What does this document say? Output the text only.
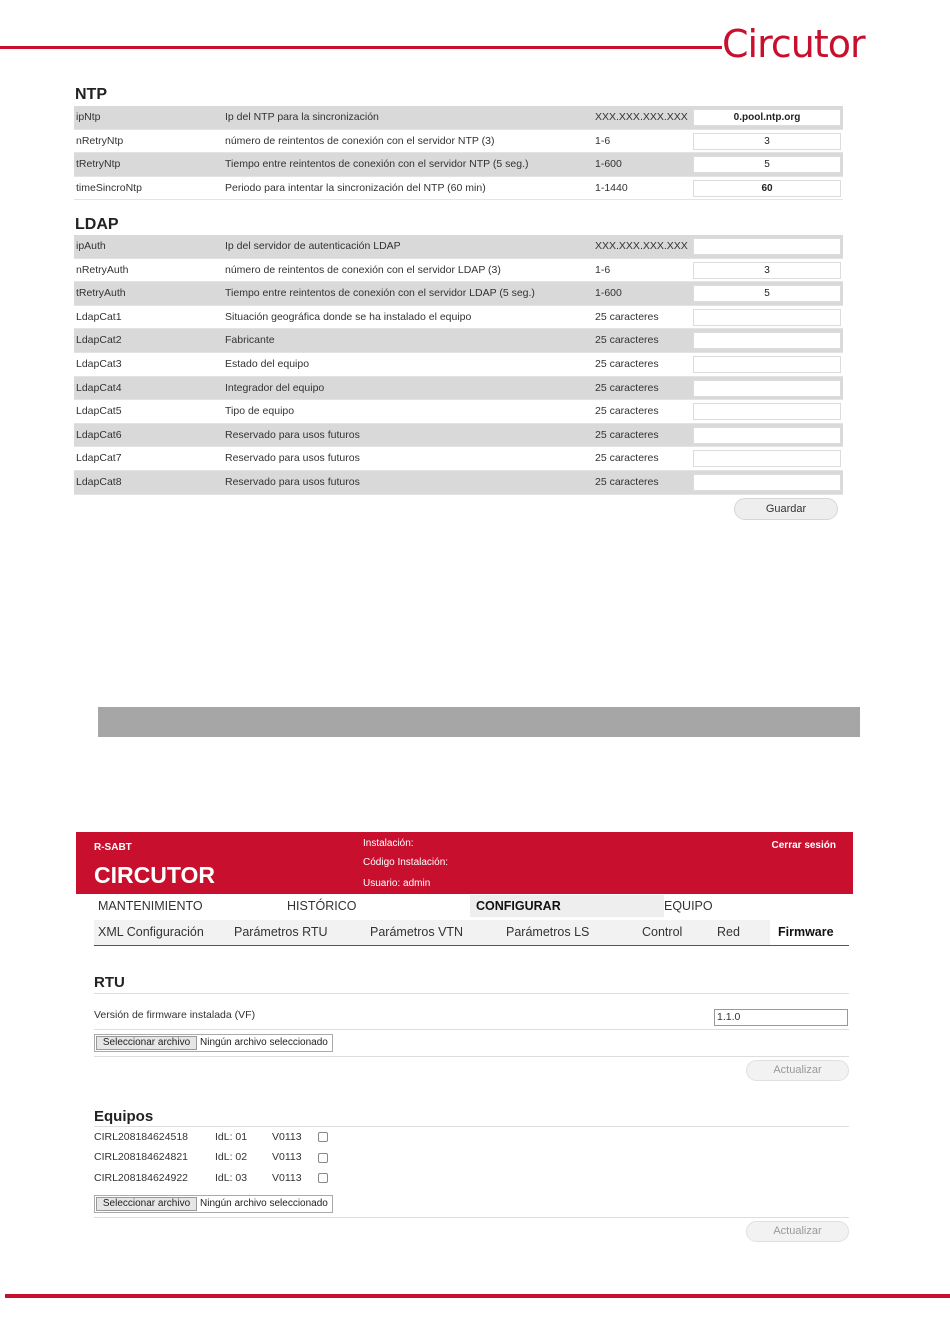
Circutor
NTP
ipNtp	Ip del NTP para la sincronización	XXX.XXX.XXX.XXX	0.pool.ntp.org
nRetryNtp	número de reintentos de conexión con el servidor NTP (3)	1-6	3
tRetryNtp	Tiempo entre reintentos de conexión con el servidor NTP (5 seg.)	1-600	5
timeSincroNtp	Periodo para intentar la sincronización del NTP (60 min)	1-1440	60
LDAP
ipAuth	Ip del servidor de autenticación LDAP	XXX.XXX.XXX.XXX
nRetryAuth	número de reintentos de conexión con el servidor LDAP (3)	1-6	3
tRetryAuth	Tiempo entre reintentos de conexión con el servidor LDAP (5 seg.)	1-600	5
LdapCat1	Situación geográfica donde se ha instalado el equipo	25 caracteres
LdapCat2	Fabricante	25 caracteres
LdapCat3	Estado del equipo	25 caracteres
LdapCat4	Integrador del equipo	25 caracteres
LdapCat5	Tipo de equipo	25 caracteres
LdapCat6	Reservado para usos futuros	25 caracteres
LdapCat7	Reservado para usos futuros	25 caracteres
LdapCat8	Reservado para usos futuros	25 caracteres
Guardar
R-SABT
CIRCUTOR
Instalación:
Código Instalación:
Usuario: admin
Cerrar sesión
MANTENIMIENTO	HISTÓRICO	CONFIGURAR	EQUIPO
XML Configuración Parámetros RTU	Parámetros VTN	Parámetros LS	Control	Red	Firmware
RTU
Versión de firmware instalada (VF)	1.1.0
Seleccionar archivo Ningún archivo seleccionado
Actualizar
Equipos
CIRL208184624518	IdL: 01 V0113
CIRL208184624821	IdL: 02 V0113
CIRL208184624922	IdL: 03 V0113
Seleccionar archivo Ningún archivo seleccionado
Actualizar
